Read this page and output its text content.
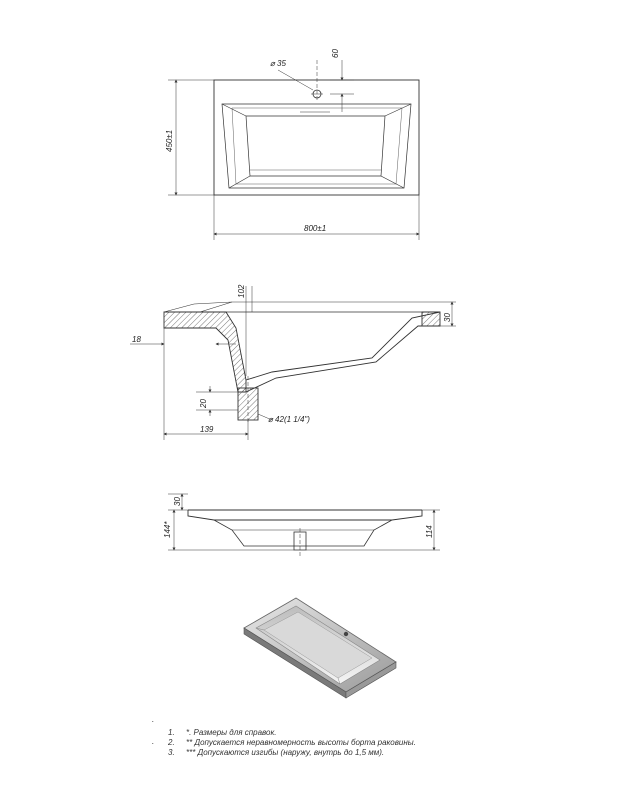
⌀ 35
60
450±1
800±1
102
30
18
20
⌀ 42(1 1/4")
139
30
144*	114
.
.
1.	*. Размеры для справок.
2.	** Допускается неравномерность высоты борта раковины.
3.	*** Допускаются изгибы (наружу, внутрь до 1,5 мм).
